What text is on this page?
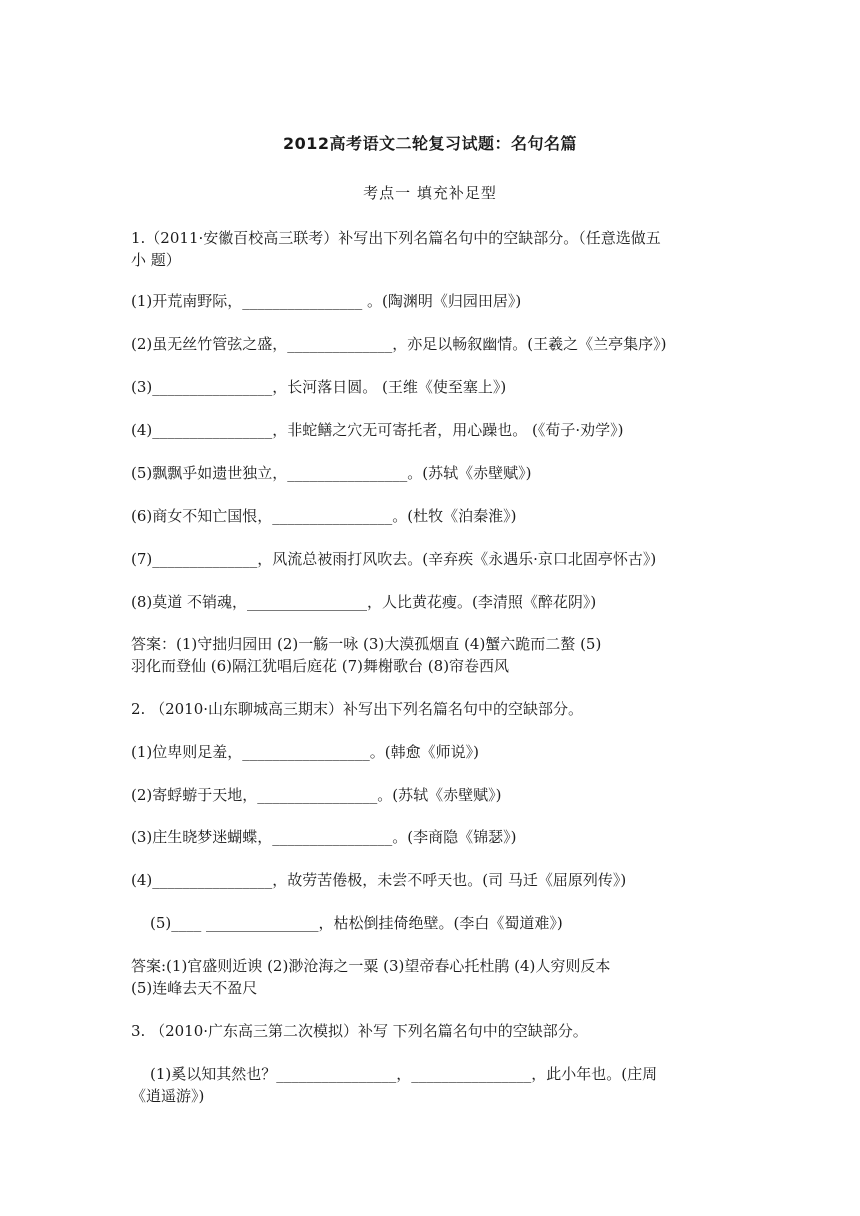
2012高考语文二轮复习试题：名句名篇
考点一 填充补足型
1.（2011·安徽百校高三联考）补写出下列名篇名句中的空缺部分。（任意选做五
小 题）
(1)开荒南野际，________________ 。(陶渊明《归园田居》)
(2)虽无丝竹管弦之盛，______________，亦足以畅叙幽情。(王羲之《兰亭集序》)
(3)________________，长河落日圆。 (王维《使至塞上》)
(4)________________，非蛇鳝之穴无可寄托者，用心躁也。 (《荀子·劝学》)
(5)飘飘乎如遗世独立，________________。(苏轼《赤壁赋》)
(6)商女不知亡国恨，________________。(杜牧《泊秦淮》)
(7)______________，风流总被雨打风吹去。(辛弃疾《永遇乐·京口北固亭怀古》)
(8)莫道 不销魂，________________，人比黄花瘦。(李清照《醉花阴》)
答案：(1)守拙归园田 (2)一觞一咏 (3)大漠孤烟直 (4)蟹六跪而二螯 (5)
羽化而登仙 (6)隔江犹唱后庭花 (7)舞榭歌台 (8)帘卷西风
2. （2010·山东聊城高三期末）补写出下列名篇名句中的空缺部分。
(1)位卑则足羞，_________________。(韩愈《师说》)
(2)寄蜉蝣于天地，________________。(苏轼《赤壁赋》)
(3)庄生晓梦迷蝴蝶，________________。(李商隐《锦瑟》)
(4)________________，故劳苦倦极，未尝不呼天也。(司 马迁《屈原列传》)
(5)____ _______________，枯松倒挂倚绝壁。(李白《蜀道难》)
答案:(1)官盛则近谀 (2)渺沧海之一粟 (3)望帝春心托杜鹃 (4)人穷则反本
(5)连峰去天不盈尺
3. （2010·广东高三第二次模拟）补写 下列名篇名句中的空缺部分。
(1)奚以知其然也？________________，________________，此小年也。(庄周
《逍遥游》)
